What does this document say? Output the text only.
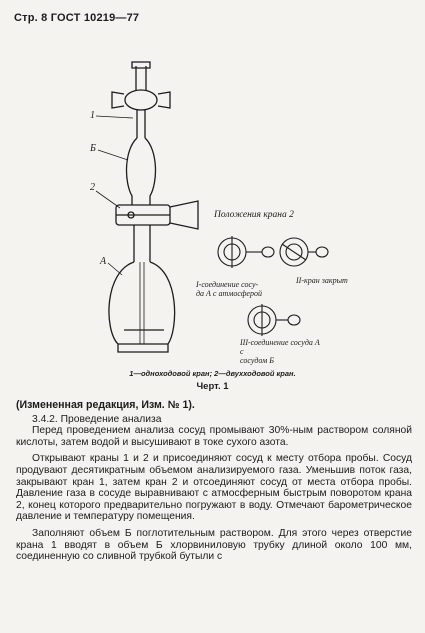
Стр. 8 ГОСТ 10219—77
1
Б
2
А
Положения крана 2
I-соединение сосу-
да А с атмосферой
II-кран закрыт
III-соединение сосуда А с
сосудом Б
1—одноходовой кран; 2—двухходовой кран.
Черт. 1

(Измененная редакция, Изм. № 1).

3.4.2. Проведение анализа

Перед проведением анализа сосуд промывают 30%-ным раствором соляной кислоты, затем водой и высушивают в токе сухого азота.

Открывают краны 1 и 2 и присоединяют сосуд к месту отбора пробы. Сосуд продувают десятикратным объемом анализируемого газа. Уменьшив поток газа, закрывают кран 1, затем кран 2 и отсоединяют сосуд от места отбора пробы. Давление газа в сосуде выравнивают с атмосферным быстрым поворотом крана 2, конец которого предварительно погружают в воду. Отмечают барометрическое давление и температуру помещения.

Заполняют объем Б поглотительным раствором. Для этого через отверстие крана 1 вводят в объем Б хлорвиниловую трубку длиной около 100 мм, соединенную со сливной трубкой бутыли с
